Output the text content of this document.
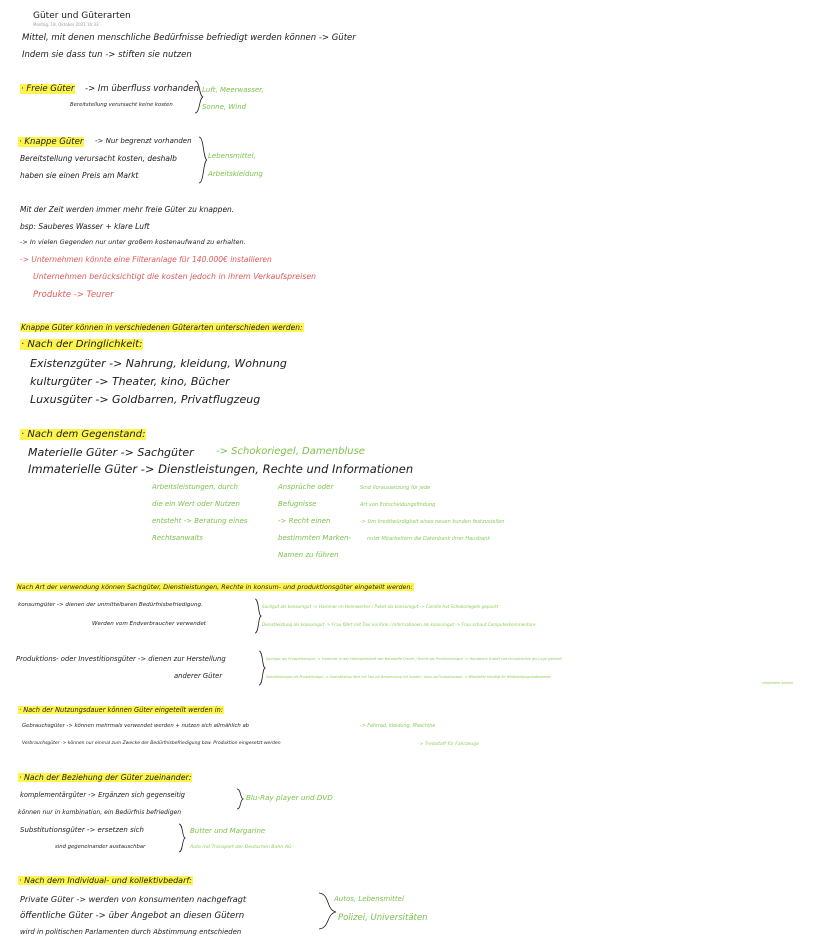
Güter und Güterarten
Montag, 18. Oktober 2021 16:33
Mittel, mit denen menschliche Bedürfnisse befriedigt werden können -> Güter
Indem sie dass tun -> stiften sie nutzen
· Freie Güter -> Im überfluss vorhanden
Bereitstellung verursacht keine kosten
Luft, Meerwasser,
Sonne, Wind
· Knappe Güter -> Nur begrenzt vorhanden
Bereitstellung verursacht kosten, deshalb
haben sie einen Preis am Markt
Lebensmittel,
Arbeitskleidung
Mit der Zeit werden immer mehr freie Güter zu knappen.
bsp: Sauberes Wasser + klare Luft
-> In vielen Gegenden nur unter großem kostenaufwand zu erhalten.
-> Unternehmen könnte eine Filteranlage für 140.000€ installieren
Unternehmen berücksichtigt die kosten jedoch in ihrem Verkaufspreisen
Produkte -> Teurer
Knappe Güter können in verschiedenen Güterarten unterschieden werden:
· Nach der Dringlichkeit:
Existenzgüter -> Nahrung, kleidung, Wohnung
kulturgüter -> Theater, kino, Bücher
Luxusgüter -> Goldbarren, Privatflugzeug
· Nach dem Gegenstand:
Materielle Güter -> Sachgüter -> Schokoriegel, Damenbluse
Immaterielle Güter -> Dienstleistungen, Rechte und Informationen
Arbeitsleistungen, durch
die ein Wert oder Nutzen
entsteht -> Beratung eines
Rechtsanwalts
Ansprüche oder
Befugnisse
-> Recht einen
bestimmten Marken-
Namen zu führen
Sind Voraussetzung für jede
Art von Entscheidungsfindung
-> Um kreditwürdigkeit eines neuen kunden festzustellen
nutzt Mitarbeitern die Datenbank ihrer Hausbank
Nach Art der verwendung können Sachgüter, Dienstleistungen, Rechte in konsum- und produktionsgüter eingeteilt werden:
konsumgüter -> dienen der unmittelbaren Bedürfnisbefriedigung.
Werden vom Endverbraucher verwendet
Sachgut als konsumgut -> Hammer im Heimwerker / Paket als konsumgut -> Familie hat Schokoriegeln gepackt
Dienstleistung als konsumgut -> Frau fährt mit Taxi ins Kino / Informationen als konsumgut -> Frau schaut Computerkommentare
Produktions- oder Investitionsgüter -> dienen zur Herstellung
anderer Güter
Sachgut als Produktionsgut -> Hammer in der Heimwerkstatt der Baustoffe GmbH / Recht als Produktionsgut -> Handwerk GmbH hat Grundrechte als Logo gekauft
Dienstleistungen als Produktionsgut -> Geschäftsfrau fährt mit Taxi zur Besprechung mit kunden / Infos als Produktionsgut -> Mitarbeiter benötigt für Weiterbildungsmaßnahmen
mitgliedern kennen
· Nach der Nutzungsdauer können Güter eingeteilt werden in:
Gebrauchsgüter -> können mehrmals verwendet werden + nutzen sich allmählich ab	-> Fahrrad, kleidung, Maschine
Verbrauchsgüter -> können nur einmal zum Zwecke der Bedürfnisbefriedigung bzw. Produktion eingesetzt werden	-> Treibstoff für Fahrzeuge
· Nach der Beziehung der Güter zueinander:
komplementärgüter -> Ergänzen sich gegenseitig
können nur in kombination, ein Bedürfnis befriedigen
Substitutionsgüter -> ersetzen sich
sind gegeneinander austauschbar
Blu-Ray player und DVD
Butter und Margarine
Auto mit Transport der Deutschen Bahn AG
· Nach dem Individual- und kollektivbedarf:
Private Güter -> werden von konsumenten nachgefragt	Autos, Lebensmittel
öffentliche Güter -> über Angebot an diesen Gütern	Polizei, Universitäten
wird in politischen Parlamenten durch Abstimmung entschieden
